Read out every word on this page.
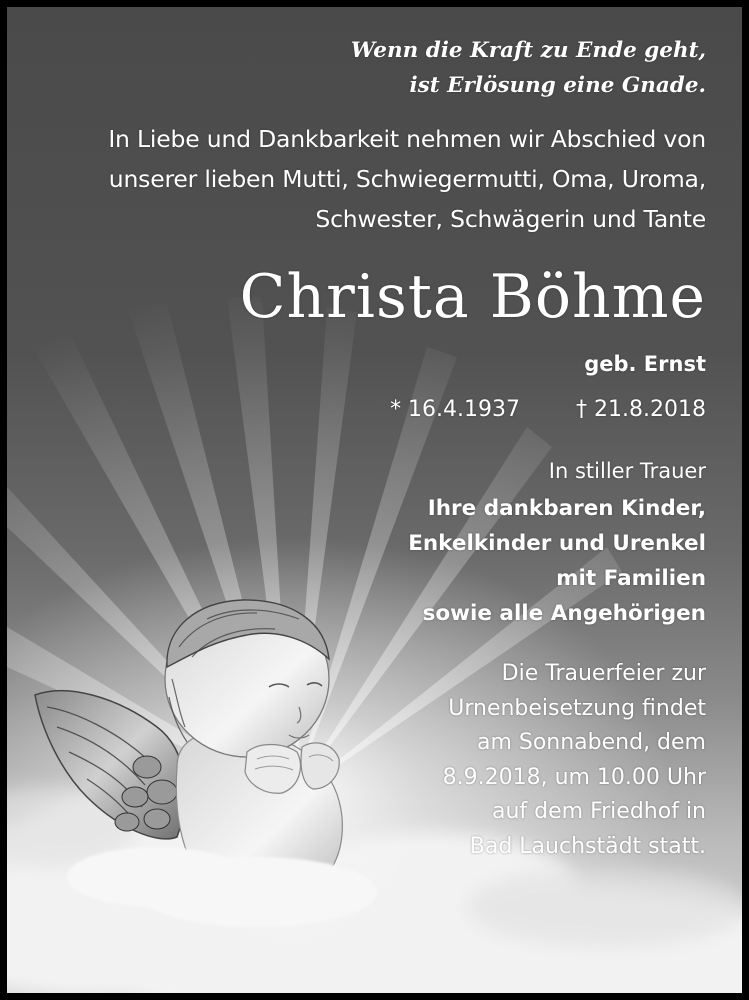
Wenn die Kraft zu Ende geht,
ist Erlösung eine Gnade.
In Liebe und Dankbarkeit nehmen wir Abschied von
unserer lieben Mutti, Schwiegermutti, Oma, Uroma,
Schwester, Schwägerin und Tante
Christa Böhme
geb. Ernst
* 16.4.1937	† 21.8.2018
In stiller Trauer
Ihre dankbaren Kinder,
Enkelkinder und Urenkel
mit Familien
sowie alle Angehörigen
Die Trauerfeier zur
Urnenbeisetzung findet
am Sonnabend, dem
8.9.2018, um 10.00 Uhr
auf dem Friedhof in
Bad Lauchstädt statt.
